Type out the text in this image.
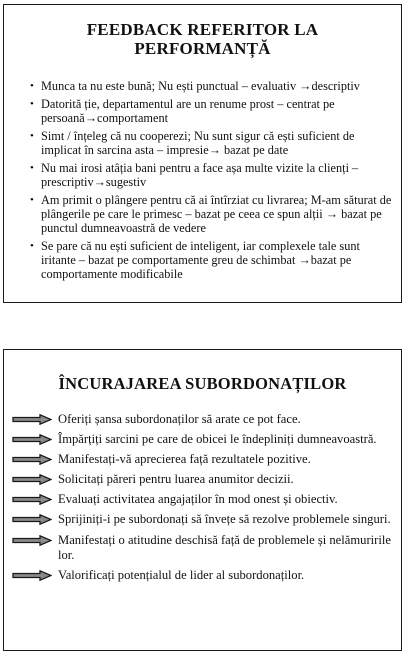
FEEDBACK REFERITOR LA PERFORMANȚĂ
• Munca ta nu este bună; Nu ești punctual – evaluativ →descriptiv
• Datorită ție, departamentul are un renume prost – centrat pe persoană→comportament
• Simt / înțeleg că nu cooperezi; Nu sunt sigur că ești suficient de implicat în sarcina asta – impresie→ bazat pe date
• Nu mai irosi atâția bani pentru a face așa multe vizite la clienți – prescriptiv→sugestiv
• Am primit o plângere pentru că ai întîrziat cu livrarea; M-am săturat de plângerile pe care le primesc – bazat pe ceea ce spun alții → bazat pe punctul dumneavoastră de vedere
• Se pare că nu ești suficient de inteligent, iar complexele tale sunt iritante – bazat pe comportamente greu de schimbat →bazat pe comportamente modificabile
ÎNCURAJAREA SUBORDONAȚILOR
Oferiți șansa subordonaților să arate ce pot face.
Împărțiți sarcini pe care de obicei le îndepliniți dumneavoastră.
Manifestați-vă aprecierea față rezultatele pozitive.
Solicitați păreri pentru luarea anumitor decizii.
Evaluați activitatea angajaților în mod onest și obiectiv.
Sprijiniți-i pe subordonați să învețe să rezolve problemele singuri.
Manifestați o atitudine deschisă față de problemele și nelămuririle lor.
Valorificați potențialul de lider al subordonaților.
